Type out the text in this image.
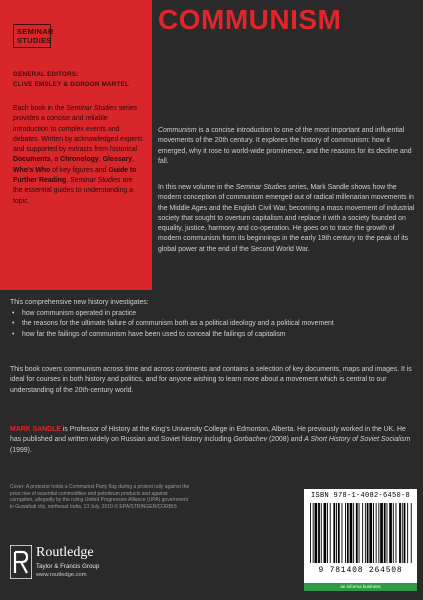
SEMINAR
STUDIES
GENERAL EDITORS:
CLIVE EMSLEY & GORDON MARTEL
Each book in the Seminar Studies series provides a concise and reliable introduction to complex events and debates. Written by acknowledged experts and supported by extracts from historical Documents, a Chronology, Glossary, Who’s Who of key figures and Guide to Further Reading, Seminar Studies are the essential guides to understanding a topic.
COMMUNISM

Communism is a concise introduction to one of the most important and influential movements of the 20th century. It explores the history of communism: how it emerged, why it rose to world-wide prominence, and the reasons for its decline and fall.

In this new volume in the Seminar Studies series, Mark Sandle shows how the modern conception of communism emerged out of radical millenarian movements in the Middle Ages and the English Civil War, becoming a mass movement of industrial society that sought to overturn capitalism and replace it with a society founded on equality, justice, harmony and co-operation. He goes on to trace the growth of modern communism from its beginnings in the early 19th century to the peak of its global power at the end of the Second World War.

This comprehensive new history investigates:
• how communism operated in practice
• the reasons for the ultimate failure of communism both as a political ideology and a political movement
• how far the failings of communism have been used to conceal the failings of capitalism

This book covers communism across time and across continents and contains a selection of key documents, maps and images. It is ideal for courses in both history and politics, and for anyone wishing to learn more about a movement which is central to our understanding of the 20th-century world.

MARK SANDLE is Professor of History at the King’s University College in Edmonton, Alberta. He previously worked in the UK. He has published and written widely on Russian and Soviet history including Gorbachev (2008) and A Short History of Soviet Socialism (1999).

Cover: A protestor holds a Communist Party flag during a protest rally against the price rise of essential commodities and petroleum products and against corruption, allegedly by the ruling United Progressive Alliance (UPA) government in Guwahati city, northeast India, 13 July, 2010 © EPA/STRINGER/CORBIS

Routledge
Taylor & Francis Group
www.routledge.com
ISBN 978-1-4082-6450-8
9 781408 264508
an informa business
